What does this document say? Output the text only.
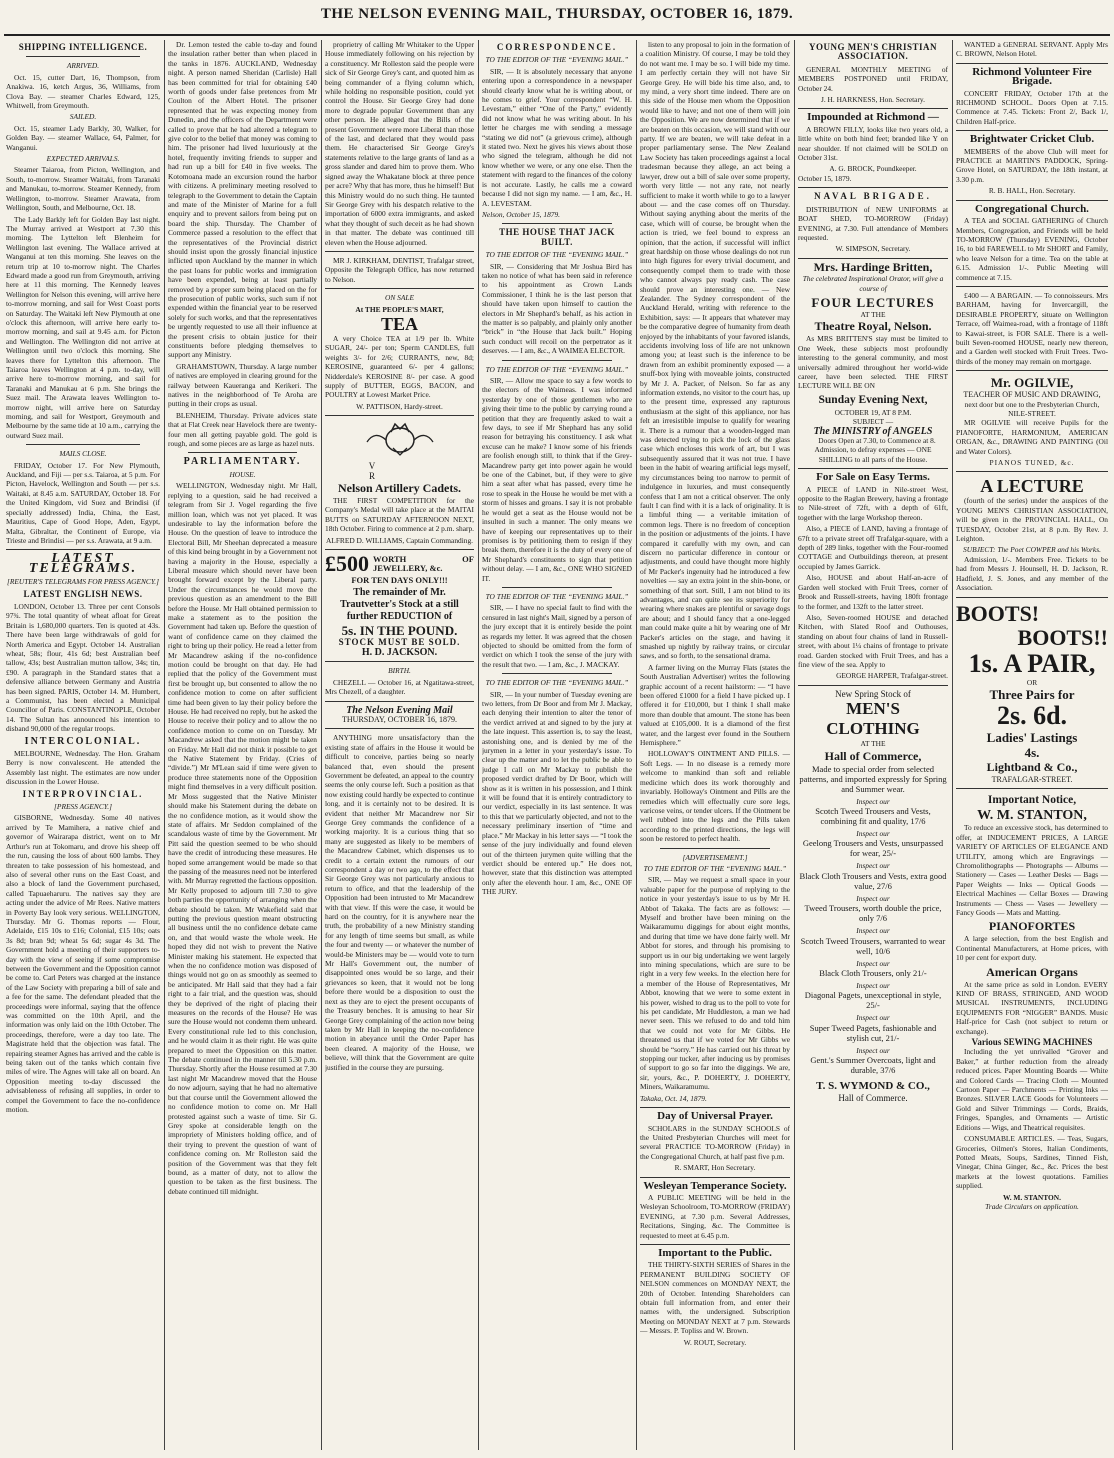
THE NELSON EVENING MAIL, THURSDAY, OCTOBER 16, 1879.
SHIPPING INTELLIGENCE.
ARRIVED.

Oct. 15, cutter Dart, 16, Thompson, from Anakiwa. 16, ketch Argus, 36, Williams, from Clova Bay. — steamer Charles Edward, 125, Whitwell, from Greymouth.

SAILED.

Oct. 15, steamer Lady Barkly, 30, Walker, for Golden Bay. — steamer Wallace, 64, Palmer, for Wanganui.

EXPECTED ARRIVALS.

Steamer Taiaroa, from Picton, Wellington, and South, to-morrow. Steamer Waitaki, from Taranaki and Manukau, to-morrow. Steamer Kennedy, from Wellington, to-morrow. Steamer Arawata, from Wellington, South, and Melbourne, Oct. 18.

The Lady Barkly left for Golden Bay last night. The Murray arrived at Westport at 7.30 this morning. The Lyttelton left Blenheim for Wellington last evening. The Wallace arrived at Wanganui at ten this morning. She leaves on the return trip at 10 to-morrow night. The Charles Edward made a good run from Greymouth, arriving here at 11 this morning. The Kennedy leaves Wellington for Nelson this evening, will arrive here to-morrow morning, and sail for West Coast ports on Saturday. The Waitaki left New Plymouth at one o'clock this afternoon, will arrive here early to-morrow morning, and sail at 9.45 a.m. for Picton and Wellington. The Wellington did not arrive at Wellington until two o'clock this morning. She leaves there for Lyttelton this afternoon. The Taiaroa leaves Wellington at 4 p.m. to-day, will arrive here to-morrow morning, and sail for Taranaki and Manukau at 6 p.m. She brings the Suez mail. The Arawata leaves Wellington to-morrow night, will arrive here on Saturday morning, and sail for Westport, Greymouth and Melbourne by the same tide at 10 a.m., carrying the outward Suez mail.

MAILS CLOSE.

FRIDAY, October 17. For New Plymouth, Auckland, and Fiji — per s.s. Taiaroa, at 5 p.m. For Picton, Havelock, Wellington and South — per s.s. Waitaki, at 8.45 a.m. SATURDAY, October 18. For the United Kingdom, vid Suez and Brindisi (if specially addressed) India, China, the East, Mauritius, Cape of Good Hope, Aden, Egypt, Malta, Gibraltar, the Continent of Europe, via Trieste and Brindisi — per s.s. Arawata, at 9 a.m.

LATEST TELEGRAMS.
[REUTER'S TELEGRAMS FOR PRESS AGENCY.]
LATEST ENGLISH NEWS.

LONDON, October 13. Three per cent Consols 97¾. The total quantity of wheat afloat for Great Britain is 1,680,000 quarters. Ten is quoted at 43s. There have been large withdrawals of gold for North America and Egypt. October 14. Australian wheat, 58s; flour, 41s 6d; best Australian beef tallow, 43s; best Australian mutton tallow, 34s; tin, £90. A paragraph in the Standard states that a defensive alliance between Germany and Austria has been signed. PARIS, October 14. M. Humbert, a Communist, has been elected a Municipal Councillor of Paris. CONSTANTINOPLE, October 14. The Sultan has announced his intention to disband 90,000 of the regular troops.

INTERCOLONIAL.

MELBOURNE, Wednesday. The Hon. Graham Berry is now convalescent. He attended the Assembly last night. The estimates are now under discussion in the Lower House.

INTERPROVINCIAL.
[PRESS AGENCY.]

GISBORNE, Wednesday. Some 40 natives arrived by Te Mamihera, a native chief and governor of Wairarapa district, went on to Mr Arthur's run at Tokomaru, and drove his sheep off the run, causing the loss of about 600 lambs. They threaten to take possession of his homestead, and also of several other runs on the East Coast, and also a block of land the Government purchased, called Tapuaeharuru. The natives say they are acting under the advice of Mr Rees. Native matters in Poverty Bay look very serious. WELLINGTON, Thursday. Mr G. Thomas reports — Flour, Adelaide, £15 10s to £16; Colonial, £15 10s; oats 3s 8d; bran 9d; wheat 5s 6d; sugar 4s 3d. The Government hold a meeting of their supporters to-day with the view of seeing if some compromise between the Government and the Opposition cannot be come to. Carl Peters was charged at the instance of the Law Society with preparing a bill of sale and a fee for the same. The defendant pleaded that the proceedings were informal, saying that the offence was committed on the 10th April, and the information was only laid on the 10th October. The proceedings, therefore, were a day too late. The Magistrate held that the objection was fatal. The repairing steamer Agnes has arrived and the cable is being taken out of the tanks which contain five miles of wire. The Agnes will take all on board. An Opposition meeting to-day discussed the advisableness of refusing all supplies, in order to compel the Government to face the no-confidence motion.

Dr. Lemon tested the cable to-day and found the insulation rather better than when placed in the tanks in 1876. AUCKLAND, Wednesday night. A person named Sheridan (Carlisle) Hall has been committed for trial for obtaining £40 worth of goods under false pretences from Mr Coulton of the Albert Hotel. The prisoner represented that he was expecting money from Dunedin, and the officers of the Department were called to prove that he had altered a telegram to give color to the belief that money was coming to him. The prisoner had lived luxuriously at the hotel, frequently inviting friends to supper and had run up a bill for £40 in five weeks. The Kotomoana made an excursion round the harbor with citizens. A preliminary meeting resolved to telegraph to the Government to detain the Captain and mate of the Minister of Marine for a full enquiry and to prevent sailors from being put on board the ship. Thursday. The Chamber of Commerce passed a resolution to the effect that the representatives of the Provincial district should insist upon the grossly financial injustice inflicted upon Auckland by the manner in which the past loans for public works and immigration have been expended, being at least partially removed by a proper sum being placed on the for the prosecution of public works, such sum if not expended within the financial year to be reserved solely for such works, and that the representatives be urgently requested to use all their influence at the present crisis to obtain justice for their constituents before pledging themselves to support any Ministry.

GRAHAMSTOWN, Thursday. A large number of natives are employed in clearing ground for the railway between Kaueranga and Kerikeri. The natives in the neighborhood of Te Aroha are putting in their crops as usual.

BLENHEIM, Thursday. Private advices state that at Flat Creek near Havelock there are twenty-four men all getting payable gold. The gold is rough, and some pieces are as large as hazel nuts.

PARLIAMENTARY.
HOUSE.

WELLINGTON, Wednesday night. Mr Hall, replying to a question, said he had received a telegram from Sir J. Vogel regarding the five million loan, which was not yet placed. It was undesirable to lay the information before the House. On the question of leave to introduce the Electoral Bill, Mr Sheehan deprecated a measure of this kind being brought in by a Government not having a majority in the House, especially a Liberal measure which should never have been brought forward except by the Liberal party. Under the circumstances he would move the previous question as an amendment to the Bill before the House. Mr Hall obtained permission to make a statement as to the position the Government had taken up. Before the question of want of confidence came on they claimed the right to bring up their policy. He read a letter from Mr Macandrew asking if the no-confidence motion could be brought on that day. He had replied that the policy of the Government must first be brought up, but consented to allow the no confidence motion to come on after sufficient time had been given to lay their policy before the House. He had received no reply, but he asked the House to receive their policy and to allow the no confidence motion to come on on Tuesday. Mr Macandrew asked that the motion might be taken on Friday. Mr Hall did not think it possible to get the Native Statement by Friday. (Cries of “divide.”) Mr M'Lean said if time were given to produce three statements none of the Opposition might find themselves in a very difficult position. Mr Moss suggested that the Native Minister should make his Statement during the debate on the no confidence motion, as it would show the state of affairs. Mr Seddon complained of the scandalous waste of time by the Government. Mr Pitt said the question seemed to be who should have the credit of introducing these measures. He hoped some arrangement would be made so that the passing of the measures need not be interfered with. Mr Murray regretted the factious opposition. Mr Kelly proposed to adjourn till 7.30 to give both parties the opportunity of arranging when the debate should be taken. Mr Wakefield said that putting the previous question meant obstructing all business until the no confidence debate came on, and that would waste the whole week. He hoped they did not wish to prevent the Native Minister making his statement. He expected that when the no confidence motion was disposed of things would not go on as smoothly as seemed to be anticipated. Mr Hall said that they had a fair right to a fair trial, and the question was, should they be deprived of the right of placing their measures on the records of the House? He was sure the House would not condemn them unheard. Every constitutional rule led to this conclusion, and he would claim it as their right. He was quite prepared to meet the Opposition on this matter. The debate continued in the manner till 5.30 p.m. Thursday. Shortly after the House resumed at 7.30 last night Mr Macandrew moved that the House do now adjourn, saying that he had no alternative but that course until the Government allowed the no confidence motion to come on. Mr Hall protested against such a waste of time. Sir G. Grey spoke at considerable length on the impropriety of Ministers holding office, and of their trying to prevent the question of want of confidence coming on. Mr Rolleston said the position of the Government was that they felt bound, as a matter of duty, not to allow the question to be taken as the first business. The debate continued till midnight.

proprietry of calling Mr Whitaker to the Upper House immediately following on his rejection by a constituency. Mr Rolleston said the people were sick of Sir George Grey's cant, and quoted him as being commander of a flying column which, while holding no responsible position, could yet control the House. Sir George Grey had done more to degrade popular Government than any other person. He alleged that the Bills of the present Government were more Liberal than those of the last, and declared that they would pass them. He characterised Sir George Grey's statements relative to the large grants of land as a gross slander and dared him to prove them. Who signed away the Whakatane block at three pence per acre? Why that has more, thus he himself! But this Ministry would do no such thing. He taunted Sir George Grey with his despatch relative to the importation of 6000 extra immigrants, and asked what they thought of such deceit as he had shown in that matter. The debate was continued till eleven when the House adjourned.

MR J. KIRKHAM, DENTIST, Trafalgar street, Opposite the Telegraph Office, has now returned to Nelson.

ON SALE
At THE PEOPLE'S MART,
TEA

A very Choice TEA at 1/9 per lb. White SUGAR, 24/- per ton; Sperm CANDLES, full weights 3/- for 2/6; CURRANTS, new, 8d; KEROSINE, guaranteed 6/- per 4 gallons; Nidderdale's KEROSINE 8/- per case. A good supply of BUTTER, EGGS, BACON, and POULTRY at Lowest Market Price.

W. PATTISON, Hardy-street.
V R
Nelson Artillery Cadets.

THE FIRST COMPETITION for the Company's Medal will take place at the MAITAI BUTTS on SATURDAY AFTERNOON NEXT, 18th October. Firing to commence at 2 p.m. sharp.

ALFRED D. WILLIAMS, Captain Commanding.
£500 WORTH OF JEWELLERY, &c.
FOR TEN DAYS ONLY!!!
The remainder of Mr. Trautvetter's Stock at a still further REDUCTION of
5s. IN THE POUND.
STOCK MUST BE SOLD.
H. D. JACKSON.
BIRTH.

CHEZELL — October 16, at Ngatitawa-street, Mrs Chezell, of a daughter.

The Nelson Evening Mail
THURSDAY, OCTOBER 16, 1879.

ANYTHING more unsatisfactory than the existing state of affairs in the House it would be difficult to conceive, parties being so nearly balanced that, even should the present Government be defeated, an appeal to the country seems the only course left. Such a position as that now existing could hardly be expected to continue long, and it is certainly not to be desired. It is evident that neither Mr Macandrew nor Sir George Grey commands the confidence of a working majority. It is a curious thing that so many are suggested as likely to be members of the Macandrew Cabinet, which dispenses us to credit to a certain extent the rumours of our correspondent a day or two ago, to the effect that Sir George Grey was not particularly anxious to return to office, and that the leadership of the Opposition had been intrusted to Mr Macandrew with that view. If this were the case, it would be hard on the country, for it is anywhere near the truth, the probability of a new Ministry standing for any length of time seems but small, as while the four and twenty — or whatever the number of would-be Ministers may be — would vote to turn Mr Hall's Government out, the number of disappointed ones would be so large, and their grievances so keen, that it would not be long before there would be a disposition to oust the next as they are to eject the present occupants of the Treasury benches. It is amusing to hear Sir George Grey complaining of the action now being taken by Mr Hall in keeping the no-confidence motion in abeyance until the Order Paper has been cleared. A majority of the House, we believe, will think that the Government are quite justified in the course they are pursuing.

CORRESPONDENCE.
TO THE EDITOR OF THE “EVENING MAIL.”

SIR, — It is absolutely necessary that anyone entering upon a correspondence in a newspaper should clearly know what he is writing about, or he comes to grief. Your correspondent “W. H. Levestam,” either “One of the Party,” evidently did not know what he was writing about. In his letter he charges me with sending a message “stating we did not” (a grievous crime), although it stated two. Next he gives his views about those who signed the telegram, although he did not know whether we were, or any one else. Then the statement with regard to the finances of the colony is not accurate. Lastly, he calls me a coward because I did not sign my name. — I am, &c., H. A. LEVESTAM.

Nelson, October 15, 1879.
THE HOUSE THAT JACK BUILT.
TO THE EDITOR OF THE “EVENING MAIL.”

SIR, — Considering that Mr Joshua Bird has taken no notice of what has been said in reference to his appointment as Crown Lands Commissioner, I think he is the last person that should have taken upon himself to caution the electors in Mr Shephard's behalf, as his action in the matter is so palpably, and plainly only another “brick” in “the House that Jack built.” Hoping such conduct will recoil on the perpetrator as it deserves. — I am, &c., A WAIMEA ELECTOR.

TO THE EDITOR OF THE “EVENING MAIL.”

SIR, — Allow me space to say a few words to the electors of the Waimeas. I was informed yesterday by one of those gentlemen who are giving their time to the public by carrying round a petition that they are frequently asked to wait a few days, to see if Mr Shephard has any solid reason for betraying his constituency. I ask what excuse can he make? I know some of his friends are foolish enough still, to think that if the Grey-Macandrew party get into power again he would be one of the Cabinet, but, if they were to give him a seat after what has passed, every time he rose to speak in the House he would be met with a storm of hisses and groans. I say it is not probable he would get a seat as the House would not be insulted in such a manner. The only means we have of keeping our representatives up to their promises is by petitioning them to resign if they break them, therefore it is the duty of every one of Mr Shephard's constituents to sign that petition without delay. — I am, &c., ONE WHO SIGNED IT.

TO THE EDITOR OF THE “EVENING MAIL.”

SIR, — I have no special fault to find with the censured in last night's Mail, signed by a person of the jury except that it is entirely beside the point as regards my letter. It was agreed that the chosen objected to should be omitted from the form of verdict on which I took the sense of the jury with the result that two. — I am, &c., J. MACKAY.

TO THE EDITOR OF THE “EVENING MAIL.”

SIR, — In your number of Tuesday evening are two letters, from Dr Boor and from Mr J. Mackay, each denying their intention to alter the tenor of the verdict arrived at and signed to by the jury at the late inquest. This assertion is, to say the least, astonishing one, and is denied by me of the jurymen in a letter in your yesterday's issue. To clear up the matter and to let the public be able to judge I call on Mr Mackay to publish the proposed verdict drafted by Dr Boor, which will show as it is written in his possession, and I think it will be found that it is entirely contradictory to our verdict, especially in its last sentence. It was to this that we particularly objected, and not to the necessary preliminary insertion of “time and place.” Mr Mackay in his letter says — “I took the sense of the jury individually and found eleven out of the thirteen jurymen quite willing that the verdict should be entered up.” He does not, however, state that this distinction was attempted only after the eleventh hour. I am, &c., ONE OF THE JURY.

listen to any proposal to join in the formation of a coalition Ministry. Of course, I may be told they do not want me. I may be so. I will bide my time. I am perfectly certain they will not have Sir George Grey. He will bide his time also, and, to my mind, a very short time indeed. There are on this side of the House men whom the Opposition would like to have; and not one of them will join the Opposition. We are now determined that if we are beaten on this occasion, we will stand with our party. If we are beaten, we will take defeat in a proper parliamentary sense. The New Zealand Law Society has taken proceedings against a local tradesman because they allege, an act being a lawyer, drew out a bill of sale over some property, worth very little — not any rate, not nearly sufficient to make it worth while to go to a lawyer about — and the case comes off on Thursday. Without saying anything about the merits of the case, which will of course, be brought when the action is tried, we feel bound to express an opinion, that the action, if successful will inflict great hardship on those whose dealings do not run into high figures for every trivial document, and consequently compel them to trade with those who cannot always pay ready cash. The case should prove an interesting one. — New Zealander. The Sydney correspondent of the Auckland Herald, writing with reference to the Exhibition, says: — It appears that whatever may be the comparative degree of humanity from death enjoyed by the inhabitants of your favored islands, accidents involving loss of life are not unknown among you; at least such is the inference to be drawn from an exhibit prominently exposed — a snuff-box lying with moveable joints, constructed by Mr J. A. Packer, of Nelson. So far as any information extends, no visitor to the court has, up to the present time, expressed any rapturous enthusiasm at the sight of this appliance, nor has felt an irresistible impulse to qualify for wearing it. There is a rumour that a wooden-legged man was detected trying to pick the lock of the glass case which encloses this work of art, but I was subsequently assured that it was not true. I have been in the habit of wearing artificial legs myself, my circumstances being too narrow to permit of indulgence in luxuries, and must consequently confess that I am not a critical observer. The only fault I can find with it is a lack of originality. It is a limbful thing — a veritable imitation of common legs. There is no freedom of conception in the position or adjustments of the joints. I have compared it carefully with my own, and can discern no particular difference in contour or adjustments, and could have thought more highly of Mr Packer's ingenuity had he introduced a few novelties — say an extra joint in the shin-bone, or something of that sort. Still, I am not blind to its advantages, and can quite see its superiority for wearing where snakes are plentiful or savage dogs are about; and I should fancy that a one-legged man could make quite a hit by wearing one of Mr Packer's articles on the stage, and having it smashed up nightly by railway trains, or circular saws, and so forth, to the sensational drama.

A farmer living on the Murray Flats (states the South Australian Advertiser) writes the following graphic account of a recent hailstorm: — “I have been offered £1000 for a field I have picked up. I offered it for £10,000, but I think I shall make more than double that amount. The stone has been valued at £105,000. It is a diamond of the first water, and the largest ever found in the Southern Hemisphere.”

HOLLOWAY'S OINTMENT AND PILLS. — Soft Legs. — In no disease is a remedy more welcome to mankind than soft and reliable medicine which does its work thoroughly and invariably. Holloway's Ointment and Pills are the remedies which will effectually cure sore legs, varicose veins, or tender ulcers. If the Ointment be well rubbed into the legs and the Pills taken according to the printed directions, the legs will soon be restored to perfect health.

[ADVERTISEMENT.]
TO THE EDITOR OF THE “EVENING MAIL.”

SIR, — May we request a small space in your valuable paper for the purpose of replying to the notice in your yesterday's issue to us by Mr H. Abbot of Takaka. The facts are as follows: — Myself and brother have been mining on the Waikaramumu diggings for about eight months, and during that time we have done fairly well. Mr Abbot for stores, and through his promising to support us in our big undertaking we went largely into mining speculations, which are sure to be right in a very few weeks. In the election here for a member of the House of Representatives, Mr Abbot, knowing that we were to some extent in his power, wished to drag us to the poll to vote for his pet candidate, Mr Huddleston, a man we had never seen. This we refused to do and told him that we could not vote for Mr Gibbs. He threatened us that if we voted for Mr Gibbs we should be “sorry.” He has carried out his threat by stopping our tucker, after inducing us by promises of support to go so far into the diggings. We are, sir, yours, &c., P. DOHERTY, J. DOHERTY, Miners, Waikaramumu.

Takaka, Oct. 14, 1879.
Day of Universal Prayer.

SCHOLARS in the SUNDAY SCHOOLS of the United Presbyterian Churches will meet for several PRACTICE TO-MORROW (Friday) in the Congregational Church, at half past five p.m.

R. SMART, Hon Secretary.
Wesleyan Temperance Society.

A PUBLIC MEETING will be held in the Wesleyan Schoolroom, TO-MORROW (FRIDAY) EVENING, at 7.30 p.m. Several Addresses, Recitations, Singing, &c. The Committee is requested to meet at 6.45 p.m.

Important to the Public.

THE THIRTY-SIXTH SERIES of Shares in the PERMANENT BUILDING SOCIETY OF NELSON commences on MONDAY NEXT, the 20th of October. Intending Shareholders can obtain full information from, and enter their names with, the undersigned. Subscription Meeting on MONDAY NEXT at 7 p.m. Stewards — Messrs. P. Topliss and W. Brown.

W. ROUT, Secretary.
YOUNG MEN'S CHRISTIAN ASSOCIATION.

GENERAL MONTHLY MEETING of MEMBERS POSTPONED until FRIDAY, October 24.

J. H. HARKNESS, Hon. Secretary.
Impounded at Richmond —

A BROWN FILLY, looks like two years old, a little white on both hind feet; branded like Y on near shoulder. If not claimed will be SOLD on October 31st.

A. G. BROCK, Poundkeeper.
October 15, 1879.
NAVAL BRIGADE.

DISTRIBUTION of NEW UNIFORMS at BOAT SHED, TO-MORROW (Friday) EVENING, at 7.30. Full attendance of Members requested.

W. SIMPSON, Secretary.
Mrs. Hardinge Britten,
The celebrated Inspirational Orator, will give a course of
FOUR LECTURES
AT THE
Theatre Royal, Nelson.

As MRS BRITTEN'S stay must be limited to One Week, these subjects most profoundly interesting to the general community, and most universally admired throughout her world-wide career, have been selected. THE FIRST LECTURE WILL BE ON

Sunday Evening Next,
OCTOBER 19, AT 8 P.M.
SUBJECT —
The MINISTRY of ANGELS

Doors Open at 7.30, to Commence at 8. Admission, to defray expenses — ONE SHILLING to all parts of the House.

For Sale on Easy Terms.

A PIECE of LAND in Nile-street West, opposite to the Raglan Brewery, having a frontage to Nile-street of 72ft, with a depth of 61ft, together with the large Workshop thereon.

Also, a PIECE of LAND, having a frontage of 67ft to a private street off Trafalgar-square, with a depth of 289 links, together with the Four-roomed COTTAGE and Outbuildings thereon, at present occupied by James Garrick.

Also, HOUSE and about Half-an-acre of Garden well stocked with Fruit Trees, corner of Brook and Russell-streets, having 180ft frontage to the former, and 132ft to the latter street.

Also, Seven-roomed HOUSE and detached Kitchen, with Slated Roof and Outhouses, standing on about four chains of land in Russell-street, with about 1¼ chains of frontage to private road. Garden stocked with Fruit Trees, and has a fine view of the sea. Apply to

GEORGE HARPER, Trafalgar-street.
New Spring Stock of
MEN'S CLOTHING
AT THE
Hall of Commerce,
Made to special order from selected patterns, and imported expressly for Spring and Summer wear.
Inspect our
Scotch Tweed Trousers and Vests, combining fit and quality, 17/6
Inspect our
Geelong Trousers and Vests, unsurpassed for wear, 25/-
Inspect our
Black Cloth Trousers and Vests, extra good value, 27/6
Inspect our
Tweed Trousers, worth double the price, only 7/6
Inspect our
Scotch Tweed Trousers, warranted to wear well, 10/6
Inspect our
Black Cloth Trousers, only 21/-
Inspect our
Diagonal Pagets, unexceptional in style, 25/-
Inspect our
Super Tweed Pagets, fashionable and stylish cut, 21/-
Inspect our
Gent.'s Summer Overcoats, light and durable, 37/6
T. S. WYMOND & CO.,
Hall of Commerce.

WANTED a GENERAL SERVANT. Apply Mrs C. BROWN, Nelson Hotel.

Richmond Volunteer Fire Brigade.

CONCERT FRIDAY, October 17th at the RICHMOND SCHOOL. Doors Open at 7.15. Commence at 7.45. Tickets: Front 2/, Back 1/, Children Half-price.

Brightwater Cricket Club.

MEMBERS of the above Club will meet for PRACTICE at MARTIN'S PADDOCK, Spring-Grove Hotel, on SATURDAY, the 18th instant, at 3.30 p.m.

R. B. HALL, Hon. Secretary.
Congregational Church.

A TEA and SOCIAL GATHERING of Church Members, Congregation, and Friends will be held TO-MORROW (Thursday) EVENING, October 16, to bid FAREWELL to Mr SHORT and Family, who leave Nelson for a time. Tea on the table at 6.15. Admission 1/-. Public Meeting will commence at 7.15.

£400 — A BARGAIN. — To connoisseurs. Mrs BARHAM, having for Invercargill, the DESIRABLE PROPERTY, situate on Wellington Terrace, off Waimea-road, with a frontage of 118ft to Kawai-street, is FOR SALE. There is a well-built Seven-roomed HOUSE, nearly new thereon, and a Garden well stocked with Fruit Trees. Two-thirds of the money may remain on mortgage.

Mr. OGILVIE,
TEACHER OF MUSIC AND DRAWING,
next door but one to the Presbyterian Church, NILE-STREET.

MR OGILVIE will receive Pupils for the PIANOFORTE, HARMONIUM, AMERICAN ORGAN, &c., DRAWING AND PAINTING (Oil and Water Colors).

PIANOS TUNED, &c.
A LECTURE

(fourth of the series) under the auspices of the YOUNG MEN'S CHRISTIAN ASSOCIATION, will be given in the PROVINCIAL HALL, On TUESDAY, October 21st, at 8 p.m. By Rev. J. Leighton.

SUBJECT: The Poet COWPER and his Works.

Admission, 1/-. Members Free. Tickets to be had from Messrs J. Hounsell, H. D. Jackson, R. Hadfield, J. S. Jones, and any member of the Association.

BOOTS!
BOOTS!!
1s. A PAIR,
OR
Three Pairs for
2s. 6d.
Ladies' Lastings
4s.
Lightband & Co.,
TRAFALGAR-STREET.
Important Notice,
W. M. STANTON,

To reduce an excessive stock, has determined to offer, at INDUCEMENT PRICES, A LARGE VARIETY OF ARTICLES OF ELEGANCE AND UTILITY, among which are Engravings — Chromolithographs — Photographs — Albums — Stationery — Cases — Leather Desks — Bags — Paper Weights — Inks — Optical Goods — Electrical Machines — Cellar Boxes — Drawing Instruments — Chess — Vases — Jewellery — Fancy Goods — Mats and Matting.

PIANOFORTES

A large selection, from the best English and Continental Manufacturers, at Home prices, with 10 per cent for export duty.

American Organs

At the same price as sold in London. EVERY KIND OF BRASS, STRINGED, AND WOOD MUSICAL INSTRUMENTS, INCLUDING EQUIPMENTS FOR “NIGGER” BANDS. Music Half-price for Cash (not subject to return or exchange).

Various SEWING MACHINES

Including the yet unrivalled “Grover and Baker,” at further reduction from the already reduced prices. Paper Mounting Boards — White and Colored Cards — Tracing Cloth — Mounted Cartoon Paper — Parchments — Printing Inks — Bronzes. SILVER LACE Goods for Volunteers — Gold and Silver Trimmings — Cords, Braids, Fringes, Spangles, and Ornaments — Artistic Editions — Wigs, and Theatrical requisites.

CONSUMABLE ARTICLES. — Teas, Sugars, Groceries, Oilmen's Stores, Italian Condiments, Potted Meats, Soups, Sardines, Tinned Fish, Vinegar, China Ginger, &c., &c. Prices the best markets at the lowest quotations. Families supplied.

W. M. STANTON.
Trade Circulars on application.
